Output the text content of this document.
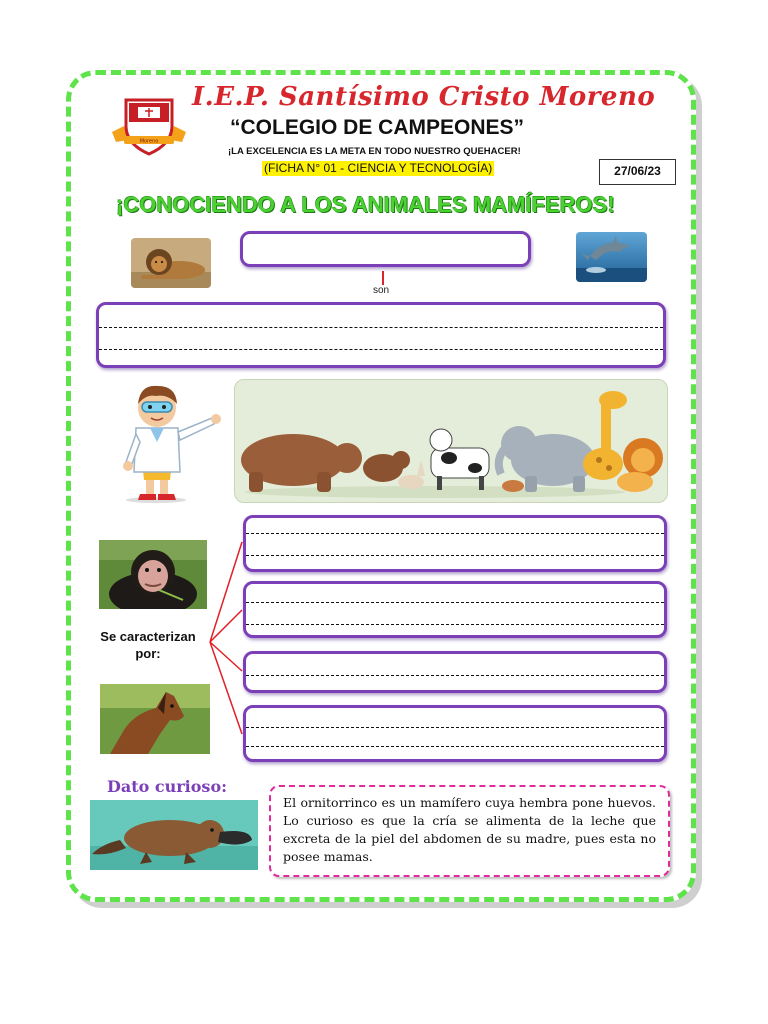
Moreno
I.E.P. Santísimo Cristo Moreno
“COLEGIO DE CAMPEONES”
¡LA EXCELENCIA ES LA META EN TODO NUESTRO QUEHACER!
(FICHA N° 01 - CIENCIA Y TECNOLOGÍA)	27/06/23
¡CONOCIENDO A LOS ANIMALES MAMÍFEROS!
son
Se caracterizan
por:
Dato curioso:

El ornitorrinco es un mamífero cuya hembra pone huevos. Lo curioso es que la cría se alimenta de la leche que excreta de la piel del abdomen de su madre, pues esta no posee mamas.
